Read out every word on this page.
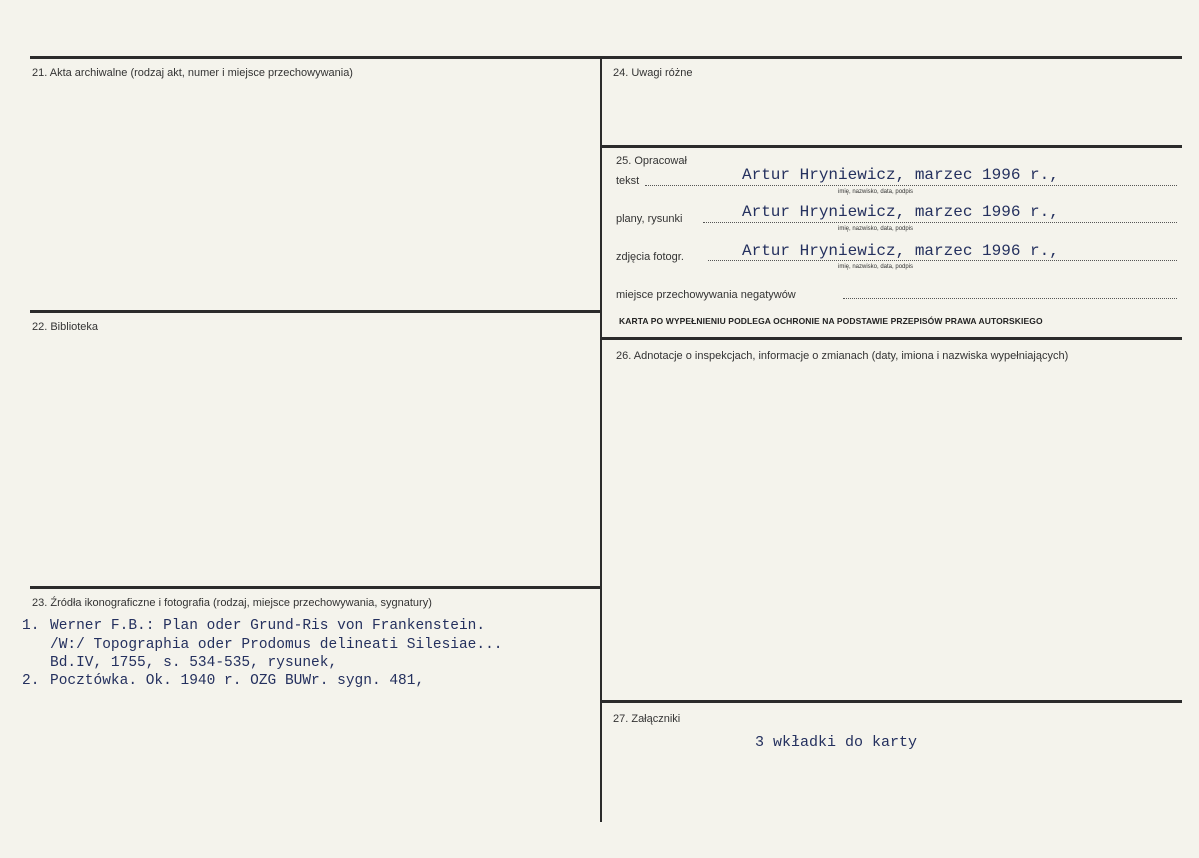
21. Akta archiwalne (rodzaj akt, numer i miejsce przechowywania)
22. Biblioteka
23. Źródła ikonograficzne i fotografia (rodzaj, miejsce przechowywania, sygnatury)
1. Werner F.B.: Plan oder Grund-Ris von Frankenstein.
/W:/ Topographia oder Prodomus delineati Silesiae...
Bd.IV, 1755, s. 534-535, rysunek,
2. Pocztówka. Ok. 1940 r. OZG BUWr. sygn. 481,
24. Uwagi różne
25. Opracował
tekst	Artur Hryniewicz, marzec 1996 r.,
imię, nazwisko, data, podpis
plany, rysunki	Artur Hryniewicz, marzec 1996 r.,
imię, nazwisko, data, podpis
zdjęcia fotogr.	Artur Hryniewicz, marzec 1996 r.,
imię, nazwisko, data, podpis
miejsce przechowywania negatywów
KARTA PO WYPEŁNIENIU PODLEGA OCHRONIE NA PODSTAWIE PRZEPISÓW PRAWA AUTORSKIEGO
26. Adnotacje o inspekcjach, informacje o zmianach (daty, imiona i nazwiska wypełniających)
27. Załączniki
3 wkładki do karty
